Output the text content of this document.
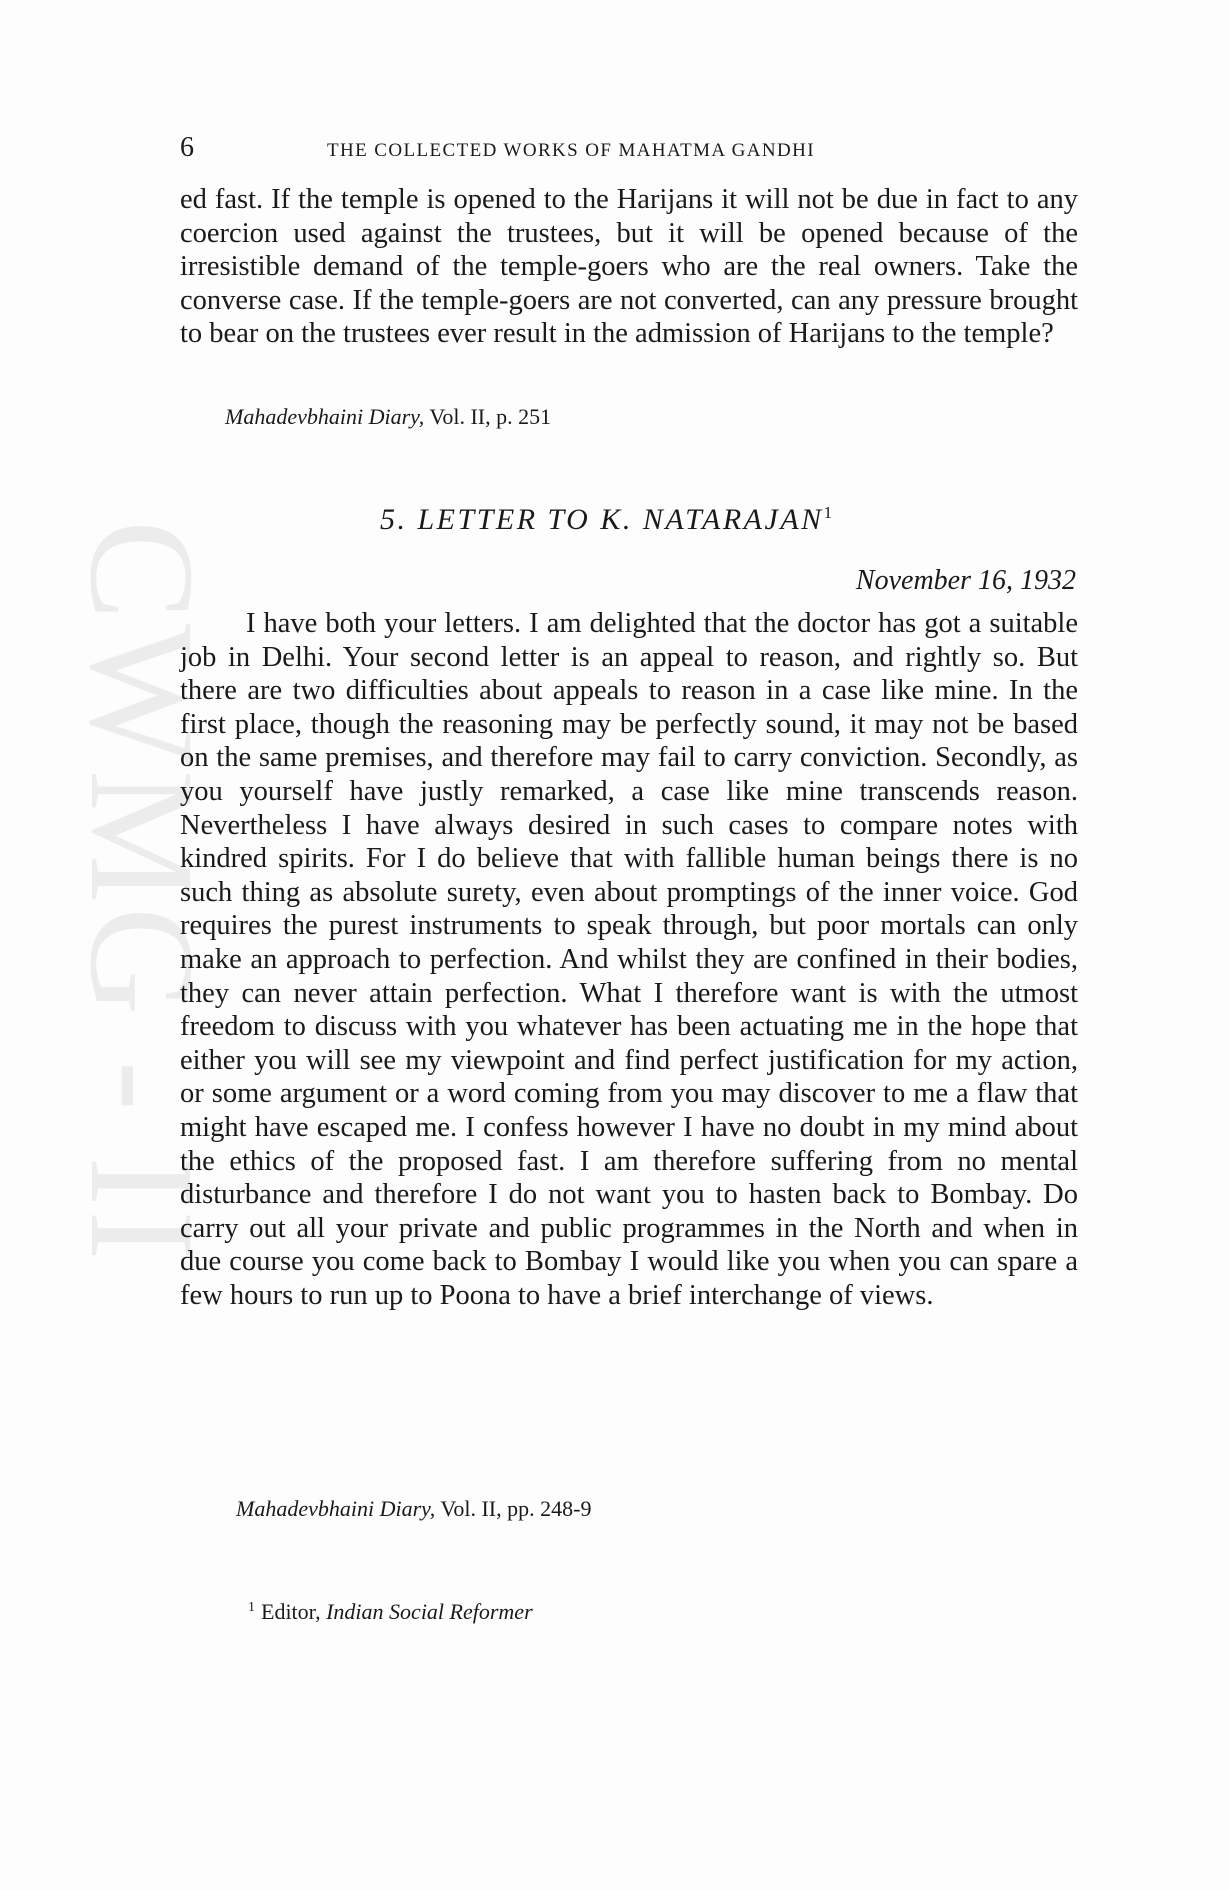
CWMG - II
6	THE COLLECTED WORKS OF MAHATMA GANDHI

ed fast. If the temple is opened to the Harijans it will not be due in fact to any coercion used against the trustees, but it will be opened because of the irresistible demand of the temple-goers who are the real owners. Take the converse case. If the temple-goers are not converted, can any pressure brought to bear on the trustees ever result in the admission of Harijans to the temple?

Mahadevbhaini Diary, Vol. II, p. 251

5. LETTER TO K. NATARAJAN$^1$

November 16, 1932

I have both your letters. I am delighted that the doctor has got a suitable job in Delhi. Your second letter is an appeal to reason, and rightly so. But there are two difficulties about appeals to reason in a case like mine. In the first place, though the reasoning may be perfectly sound, it may not be based on the same premises, and therefore may fail to carry conviction. Secondly, as you yourself have justly remarked, a case like mine transcends reason. Nevertheless I have always desired in such cases to compare notes with kindred spirits. For I do believe that with fallible human beings there is no such thing as absolute surety, even about promptings of the inner voice. God requires the purest instruments to speak through, but poor mortals can only make an approach to perfection. And whilst they are confined in their bodies, they can never attain perfection. What I therefore want is with the utmost freedom to discuss with you whatever has been actuating me in the hope that either you will see my viewpoint and find perfect justification for my action, or some argument or a word coming from you may discover to me a flaw that might have escaped me. I confess however I have no doubt in my mind about the ethics of the proposed fast. I am therefore suffering from no mental disturbance and therefore I do not want you to hasten back to Bombay. Do carry out all your private and public programmes in the North and when in due course you come back to Bombay I would like you when you can spare a few hours to run up to Poona to have a brief interchange of views.

Mahadevbhaini Diary, Vol. II, pp. 248-9

$^1$ Editor, Indian Social Reformer
